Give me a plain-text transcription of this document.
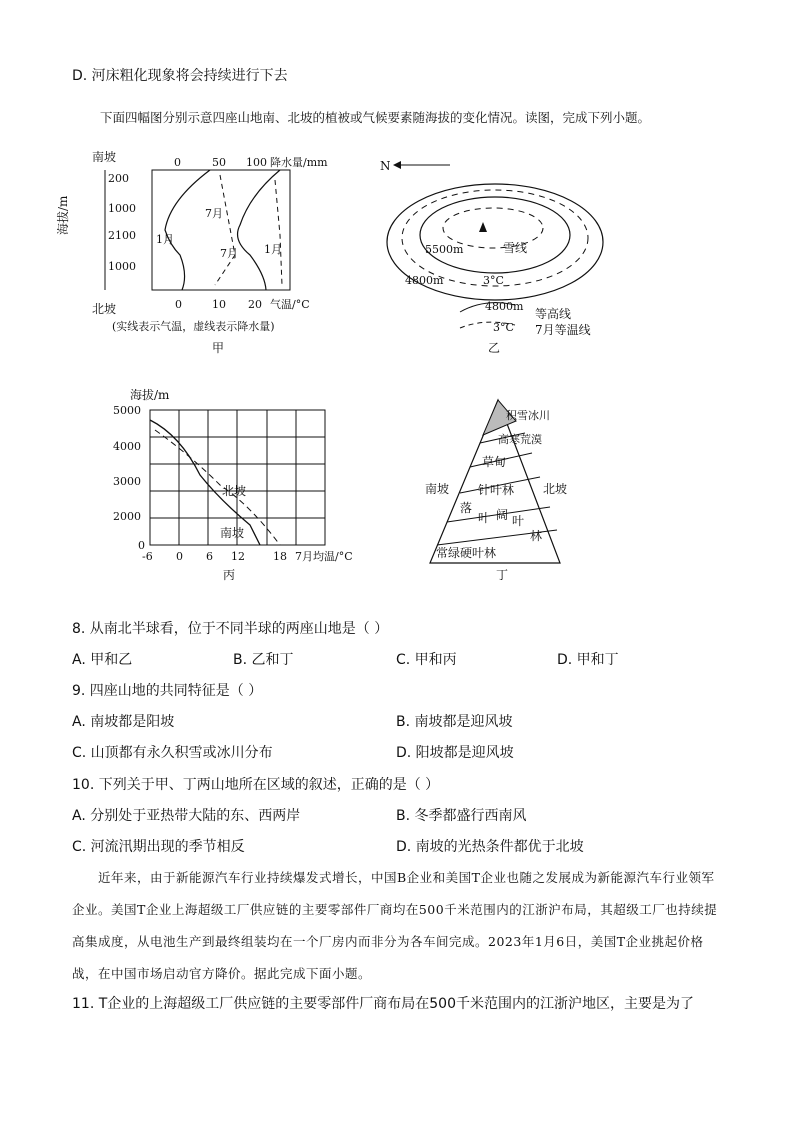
D. 河床粗化现象将会持续进行下去
下面四幅图分别示意四座山地南、北坡的植被或气候要素随海拔的变化情况。读图，完成下列小题。
南坡
北坡
海拔/m
200
1000
2100
1000
0	50 100 降水量/mm
7月
1月
7月 1月
0	10 20 气温/°C
(实线表示气温，虚线表示降水量)
甲
N
5500m	雪线
4800m	3°C
4800m
等高线
3°C 7月等温线
乙
海拔/m
5000
4000
3000
2000
0
北坡
南坡
-6 0 6 12	18 7月均温/°C
丙
积雪冰川
高寒荒漠
草甸
针叶林
落
叶 阔 叶
林
常绿硬叶林
南坡	北坡
丁
8. 从南北半球看，位于不同半球的两座山地是（ ）
A. 甲和乙	B. 乙和丁	C. 甲和丙	D. 甲和丁
9. 四座山地的共同特征是（ ）
A. 南坡都是阳坡	B. 南坡都是迎风坡
C. 山顶都有永久积雪或冰川分布	D. 阳坡都是迎风坡
10. 下列关于甲、丁两山地所在区域的叙述，正确的是（ ）
A. 分别处于亚热带大陆的东、西两岸	B. 冬季都盛行西南风
C. 河流汛期出现的季节相反	D. 南坡的光热条件都优于北坡
近年来，由于新能源汽车行业持续爆发式增长，中国B企业和美国T企业也随之发展成为新能源汽车行业领军企业。美国T企业上海超级工厂供应链的主要零部件厂商均在500千米范围内的江浙沪布局，其超级工厂也持续提高集成度，从电池生产到最终组装均在一个厂房内而非分为各车间完成。2023年1月6日，美国T企业挑起价格战，在中国市场启动官方降价。据此完成下面小题。
11. T企业的上海超级工厂供应链的主要零部件厂商布局在500千米范围内的江浙沪地区，主要是为了
